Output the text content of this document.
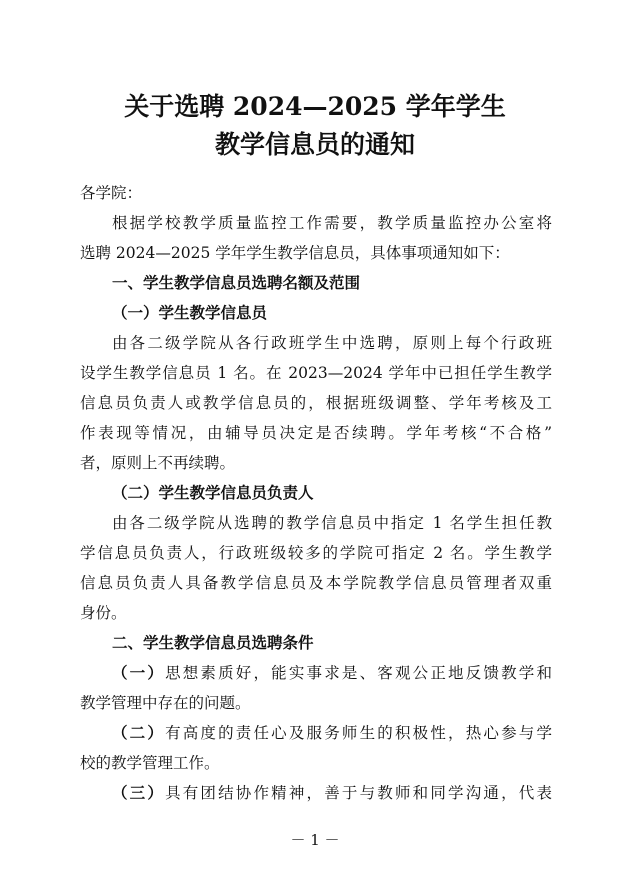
关于选聘 2024—2025 学年学生
教学信息员的通知
各学院：
根据学校教学质量监控工作需要，教学质量监控办公室将
选聘 2024—2025 学年学生教学信息员，具体事项通知如下：
一、学生教学信息员选聘名额及范围
（一）学生教学信息员
由各二级学院从各行政班学生中选聘，原则上每个行政班
设学生教学信息员 1 名。在 2023—2024 学年中已担任学生教学
信息员负责人或教学信息员的，根据班级调整、学年考核及工
作表现等情况，由辅导员决定是否续聘。学年考核“不合格”
者，原则上不再续聘。
（二）学生教学信息员负责人
由各二级学院从选聘的教学信息员中指定 1 名学生担任教
学信息员负责人，行政班级较多的学院可指定 2 名。学生教学
信息员负责人具备教学信息员及本学院教学信息员管理者双重
身份。
二、学生教学信息员选聘条件
（一）思想素质好，能实事求是、客观公正地反馈教学和
教学管理中存在的问题。
（二）有高度的责任心及服务师生的积极性，热心参与学
校的教学管理工作。
（三）具有团结协作精神，善于与教师和同学沟通，代表
－ 1 －
